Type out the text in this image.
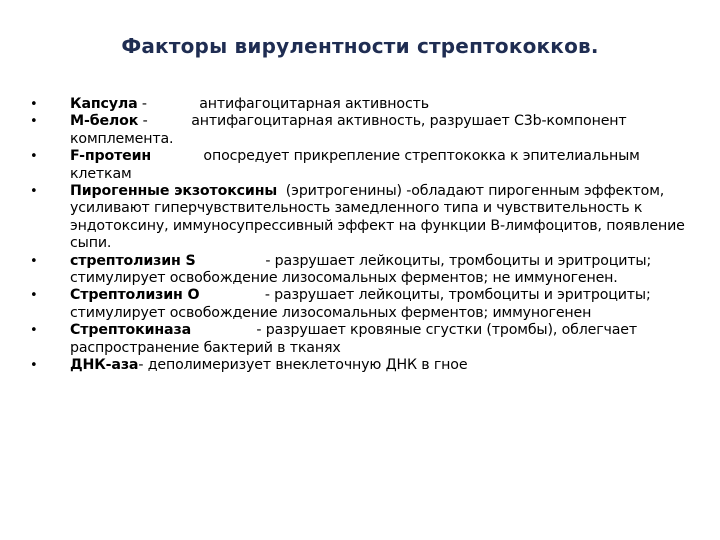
Факторы вирулентности стрептококков.
• Капсула -	антифагоцитарная активность
• М-белок -	антифагоцитарная активность, разрушает С3b-компонент комплемента.
• F-протеин	опосредует прикрепление стрептококка к эпителиальным клеткам
• Пирогенные экзотоксины (эритрогенины) -обладают пирогенным эффектом, усиливают гиперчувствительность замедленного типа и чувствительность к эндотоксину, иммуносупрессивный эффект на функции В-лимфоцитов, появление сыпи.
• стрептолизин S	- разрушает лейкоциты, тромбоциты и эритроциты; стимулирует освобождение лизосомальных ферментов; не иммуногенен.
• Стрептолизин О	- разрушает лейкоциты, тромбоциты и эритроциты; стимулирует освобождение лизосомальных ферментов; иммуногенен
• Стрептокиназа	- разрушает кровяные сгустки (тромбы), облегчает распространение бактерий в тканях
• ДНК-аза- деполимеризует внеклеточную ДНК в гное
